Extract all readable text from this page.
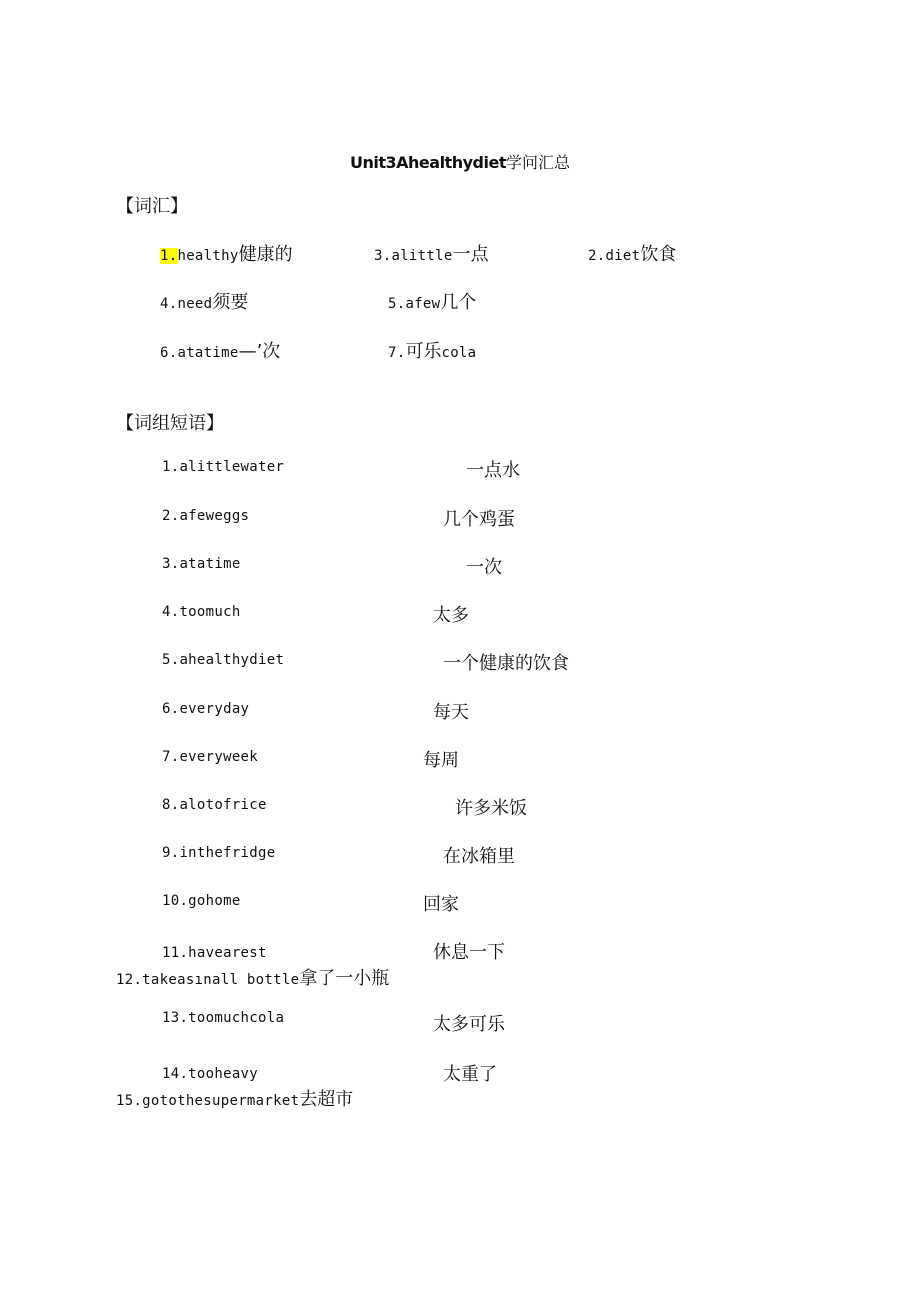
Unit3Ahealthydiet学问汇总
【词汇】
1.healthy健康的	3.alittle一点	2.diet饮食
4.need须要	5.afew几个
6.atatime—’次	7.可乐cola
【词组短语】
1.alittlewater	一点水
2.afeweggs	几个鸡蛋
3.atatime	一次
4.toomuch	太多
5.ahealthydiet	一个健康的饮食
6.everyday	每天
7.everyweek	每周
8.alotofrice	许多米饭
9.inthefridge	在冰箱里
10.gohome	回家
11.havearest	休息一下
12.takeasınall bottle拿了一小瓶
13.toomuchcola	太多可乐
14.tooheavy	太重了
15.gotothesupermarket去超市
